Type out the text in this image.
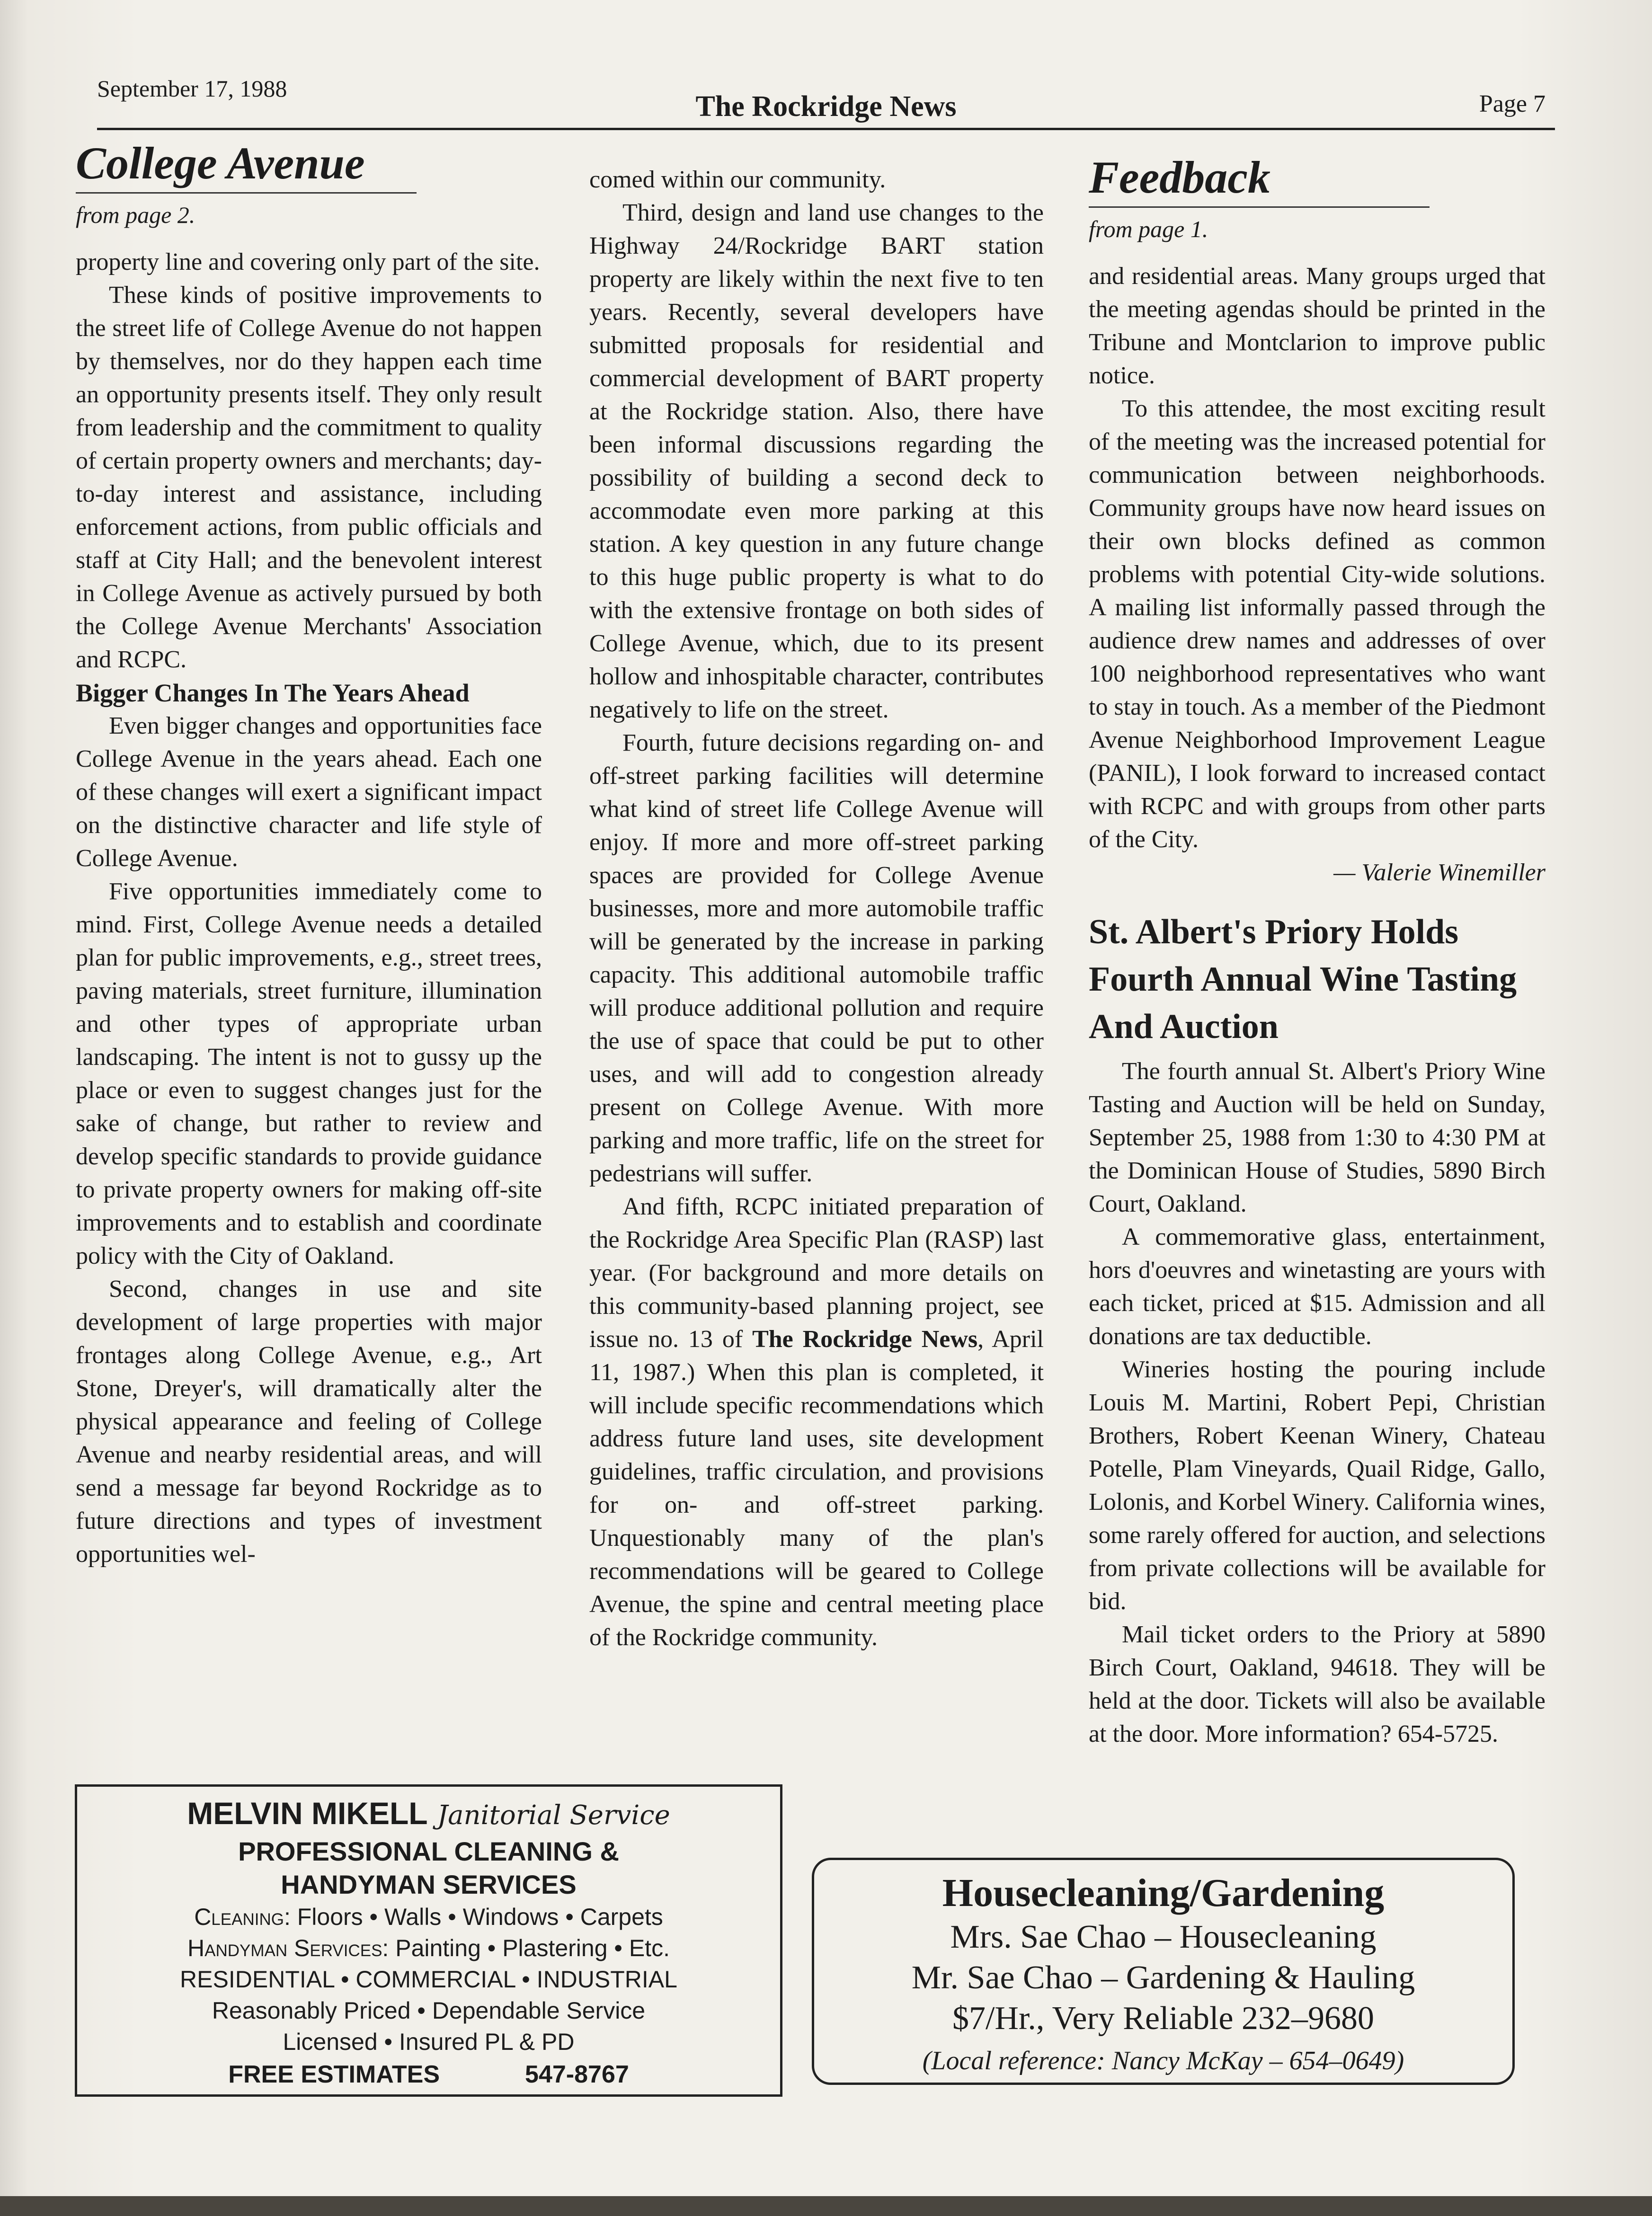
September 17, 1988
The Rockridge News	Page 7
College Avenue
from page 2.

property line and covering only part of the site.

These kinds of positive improvements to the street life of College Avenue do not happen by themselves, nor do they happen each time an opportunity presents itself. They only result from leadership and the commitment to quality of certain property owners and merchants; day-to-day interest and assistance, including enforcement actions, from public officials and staff at City Hall; and the benevolent interest in College Avenue as actively pursued by both the College Avenue Merchants' Association and RCPC.

Bigger Changes In The Years Ahead

Even bigger changes and opportunities face College Avenue in the years ahead. Each one of these changes will exert a significant impact on the distinctive character and life style of College Avenue.

Five opportunities immediately come to mind. First, College Avenue needs a detailed plan for public improvements, e.g., street trees, paving materials, street furniture, illumination and other types of appropriate urban landscaping. The intent is not to gussy up the place or even to suggest changes just for the sake of change, but rather to review and develop specific standards to provide guidance to private property owners for making off-site improvements and to establish and coordinate policy with the City of Oakland.

Second, changes in use and site development of large properties with major frontages along College Avenue, e.g., Art Stone, Dreyer's, will dramatically alter the physical appearance and feeling of College Avenue and nearby residential areas, and will send a message far beyond Rockridge as to future directions and types of investment opportunities wel-

comed within our community.

Third, design and land use changes to the Highway 24/Rockridge BART station property are likely within the next five to ten years. Recently, several developers have submitted proposals for residential and commercial development of BART property at the Rockridge station. Also, there have been informal discussions regarding the possibility of building a second deck to accommodate even more parking at this station. A key question in any future change to this huge public property is what to do with the extensive frontage on both sides of College Avenue, which, due to its present hollow and inhospitable character, contributes negatively to life on the street.

Fourth, future decisions regarding on- and off-street parking facilities will determine what kind of street life College Avenue will enjoy. If more and more off-street parking spaces are provided for College Avenue businesses, more and more automobile traffic will be generated by the increase in parking capacity. This additional automobile traffic will produce additional pollution and require the use of space that could be put to other uses, and will add to congestion already present on College Avenue. With more parking and more traffic, life on the street for pedestrians will suffer.

And fifth, RCPC initiated preparation of the Rockridge Area Specific Plan (RASP) last year. (For background and more details on this community-based planning project, see issue no. 13 of The Rockridge News, April 11, 1987.) When this plan is completed, it will include specific recommendations which address future land uses, site development guidelines, traffic circulation, and provisions for on- and off-street parking. Unquestionably many of the plan's recommendations will be geared to College Avenue, the spine and central meeting place of the Rockridge community.

Feedback
from page 1.

and residential areas. Many groups urged that the meeting agendas should be printed in the Tribune and Montclarion to improve public notice.

To this attendee, the most exciting result of the meeting was the increased potential for communication between neighborhoods. Community groups have now heard issues on their own blocks defined as common problems with potential City-wide solutions. A mailing list informally passed through the audience drew names and addresses of over 100 neighborhood representatives who want to stay in touch. As a member of the Piedmont Avenue Neighborhood Improvement League (PANIL), I look forward to increased contact with RCPC and with groups from other parts of the City.

— Valerie Winemiller
St. Albert's Priory Holds Fourth Annual Wine Tasting And Auction

The fourth annual St. Albert's Priory Wine Tasting and Auction will be held on Sunday, September 25, 1988 from 1:30 to 4:30 PM at the Dominican House of Studies, 5890 Birch Court, Oakland.

A commemorative glass, entertainment, hors d'oeuvres and winetasting are yours with each ticket, priced at $15. Admission and all donations are tax deductible.

Wineries hosting the pouring include Louis M. Martini, Robert Pepi, Christian Brothers, Robert Keenan Winery, Chateau Potelle, Plam Vineyards, Quail Ridge, Gallo, Lolonis, and Korbel Winery. California wines, some rarely offered for auction, and selections from private collections will be available for bid.

Mail ticket orders to the Priory at 5890 Birch Court, Oakland, 94618. They will be held at the door. Tickets will also be available at the door. More information? 654-5725.

MELVIN MIKELL Janitorial Service
PROFESSIONAL CLEANING &
HANDYMAN SERVICES
Cleaning: Floors • Walls • Windows • Carpets
Handyman Services: Painting • Plastering • Etc.
RESIDENTIAL • COMMERCIAL • INDUSTRIAL
Reasonably Priced • Dependable Service
Licensed • Insured PL & PD
FREE ESTIMATES	547-8767
Housecleaning/Gardening
Mrs. Sae Chao – Housecleaning
Mr. Sae Chao – Gardening & Hauling
$7/Hr., Very Reliable 232–9680
(Local reference: Nancy McKay – 654–0649)
